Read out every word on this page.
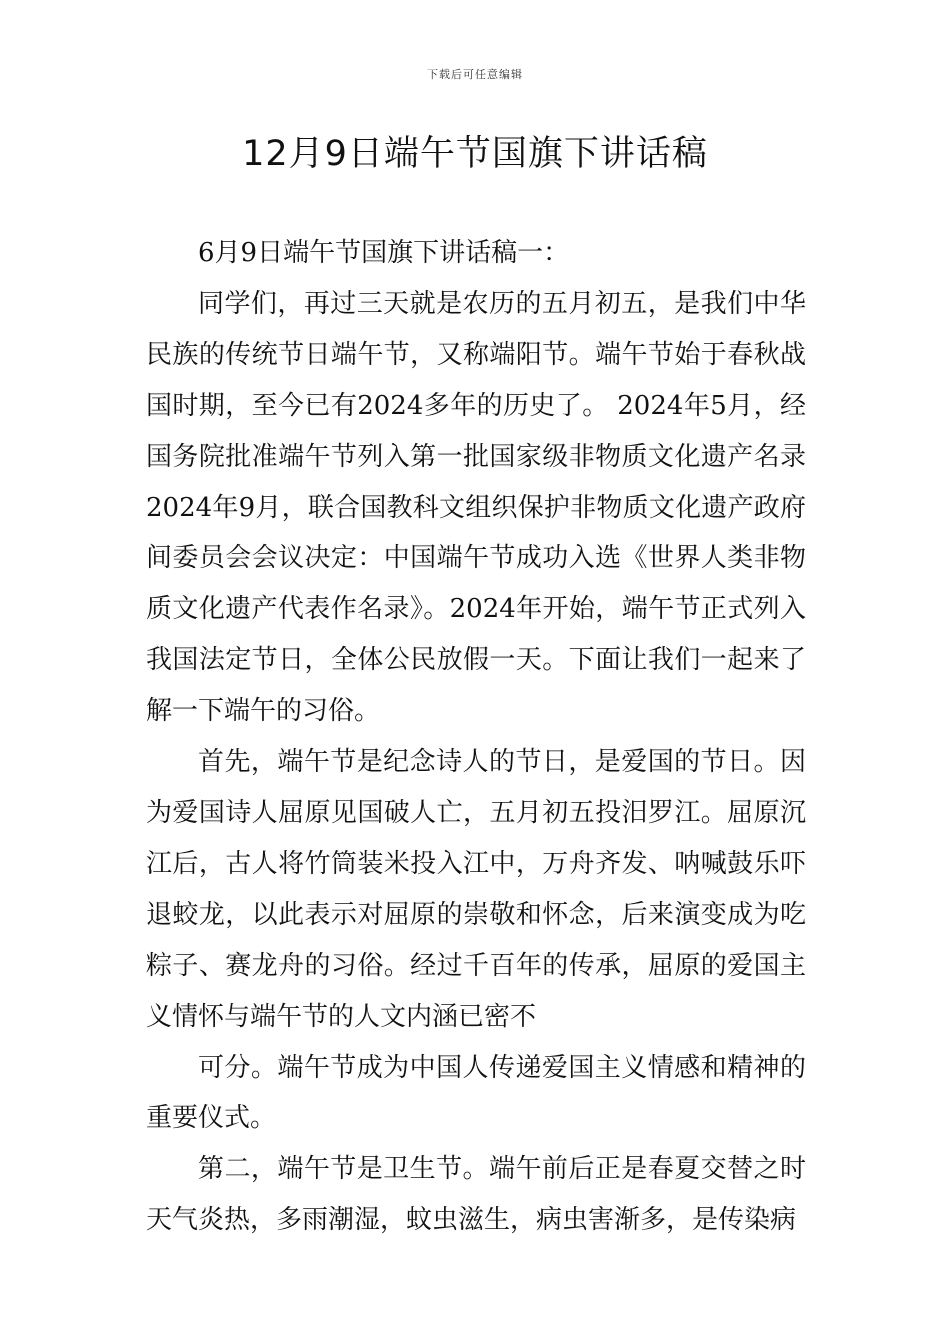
下载后可任意编辑
12月9日端午节国旗下讲话稿

6月9日端午节国旗下讲话稿一：

同学们，再过三天就是农历的五月初五，是我们中华民族的传统节日端午节，又称端阳节。端午节始于春秋战国时期，至今已有2024多年的历史了。 2024年5月，经国务院批准端午节列入第一批国家级非物质文化遗产名录2024年9月，联合国教科文组织保护非物质文化遗产政府间委员会会议决定：中国端午节成功入选《世界人类非物质文化遗产代表作名录》。2024年开始，端午节正式列入我国法定节日，全体公民放假一天。下面让我们一起来了解一下端午的习俗。

首先，端午节是纪念诗人的节日，是爱国的节日。因为爱国诗人屈原见国破人亡，五月初五投汨罗江。屈原沉江后，古人将竹筒装米投入江中，万舟齐发、呐喊鼓乐吓退蛟龙，以此表示对屈原的崇敬和怀念，后来演变成为吃粽子、赛龙舟的习俗。经过千百年的传承，屈原的爱国主义情怀与端午节的人文内涵已密不

可分。端午节成为中国人传递爱国主义情感和精神的重要仪式。

第二，端午节是卫生节。端午前后正是春夏交替之时天气炎热，多雨潮湿，蚊虫滋生，病虫害渐多，是传染病
